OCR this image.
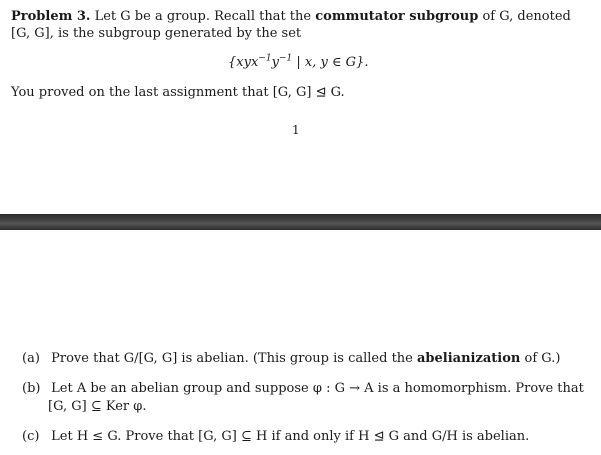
Problem 3. Let G be a group. Recall that the commutator subgroup of G, denoted
[G, G], is the subgroup generated by the set
{$xyx^{-1}y^{-1}$ | x, y ∈ G}.
You proved on the last assignment that [G, G] ⊴ G.
1
(a) Prove that G/[G, G] is abelian. (This group is called the abelianization of G.)
(b) Let A be an abelian group and suppose φ : G → A is a homomorphism. Prove that
[G, G] ⊆ Ker φ.
(c) Let H ≤ G. Prove that [G, G] ⊆ H if and only if H ⊴ G and G/H is abelian.
